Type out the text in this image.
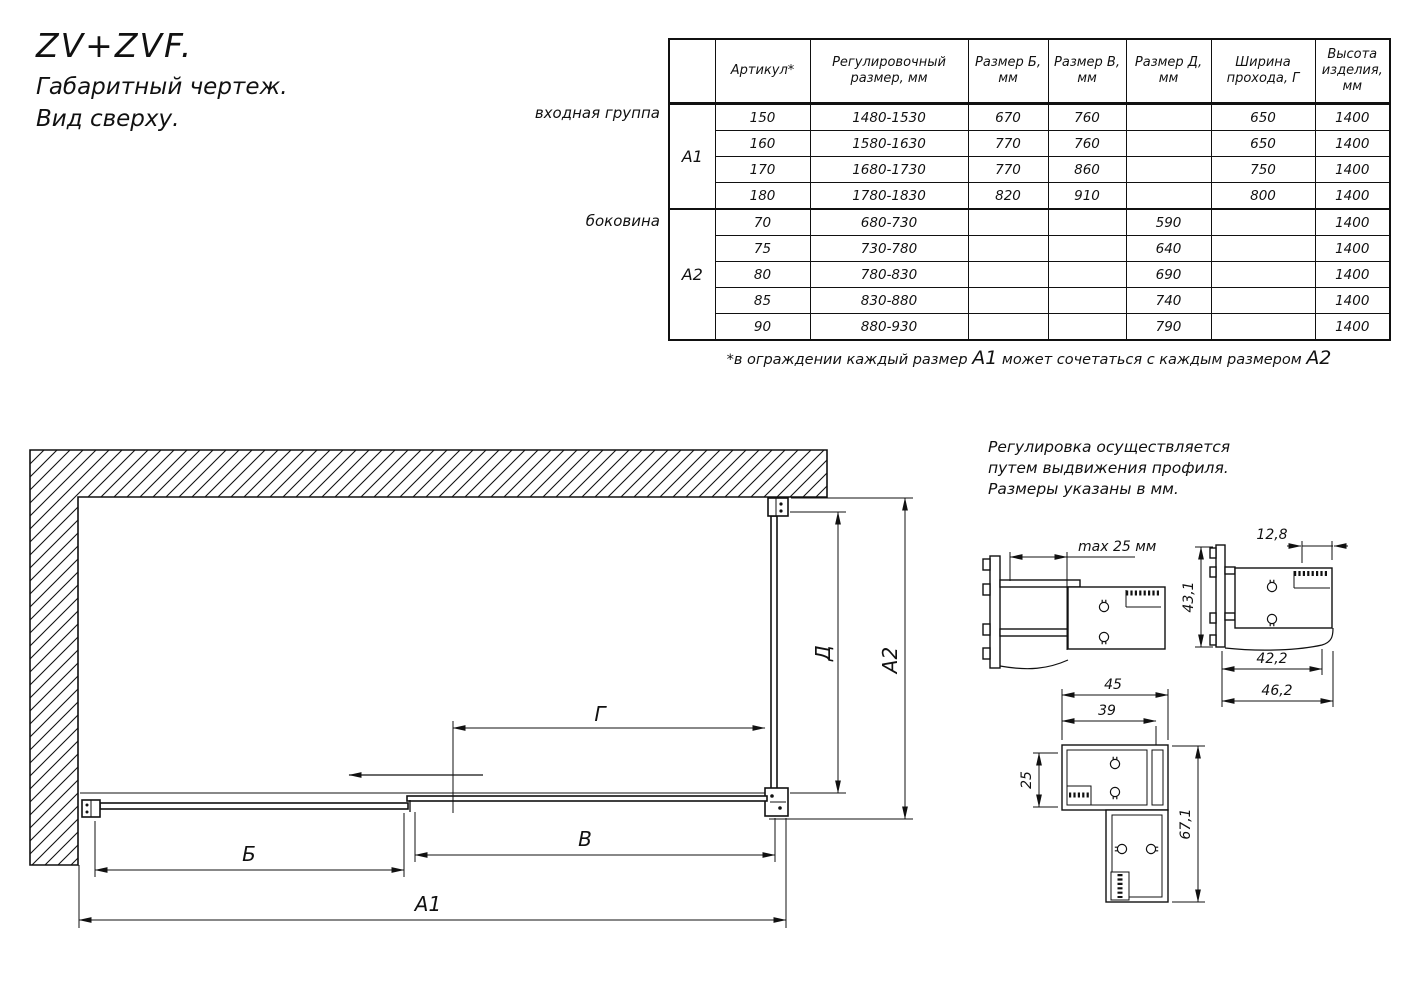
ZV+ZVF.
Габаритный чертеж.
Вид сверху.
	Артикул*	Регулировочный размер, мм	Размер Б, мм	Размер В, мм	Размер Д, мм	Ширина прохода, Г	Высота изделия, мм
А1	150	1480-1530	670	760		650	1400
	160	1580-1630	770	760		650	1400
	170	1680-1730	770	860		750	1400
	180	1780-1830	820	910		800	1400
А2	70	680-730			590		1400
	75	730-780			640		1400
	80	780-830			690		1400
	85	830-880			740		1400
	90	880-930			790		1400
входная группа
боковина
*в ограждении каждый размер А1 может сочетаться с каждым размером А2
Регулировка осуществляется
путем выдвижения профиля.
Размеры указаны в мм.
Б
В
А1
Г
Д А2
max 25 мм
12,8
43,1
42,2
46,2
45
39
25
67,1
